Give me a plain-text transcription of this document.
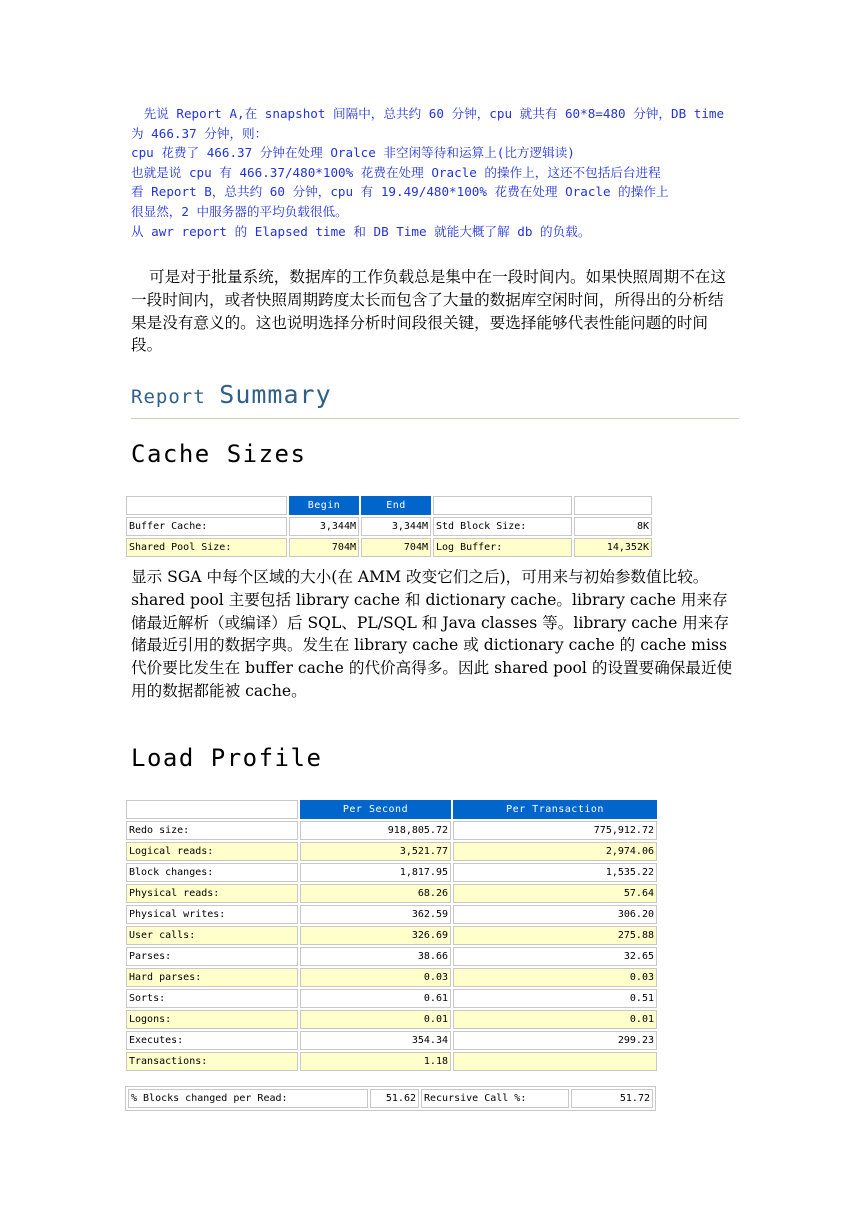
　先说 Report A,在 snapshot 间隔中，总共约 60 分钟，cpu 就共有 60*8=480 分钟，DB time
为 466.37 分钟，则：
cpu 花费了 466.37 分钟在处理 Oralce 非空闲等待和运算上(比方逻辑读)
也就是说 cpu 有 466.37/480*100% 花费在处理 Oracle 的操作上，这还不包括后台进程
看 Report B，总共约 60 分钟，cpu 有 19.49/480*100% 花费在处理 Oracle 的操作上
很显然，2 中服务器的平均负载很低。
从 awr report 的 Elapsed time 和 DB Time 就能大概了解 db 的负载。

可是对于批量系统，数据库的工作负载总是集中在一段时间内。如果快照周期不在这一段时间内，或者快照周期跨度太长而包含了大量的数据库空闲时间，所得出的分析结果是没有意义的。这也说明选择分析时间段很关键，要选择能够代表性能问题的时间段。

Report Summary
Cache Sizes
	Begin	End		
Buffer Cache:	3,344M	3,344M	Std Block Size:	8K
Shared Pool Size:	704M	704M	Log Buffer:	14,352K

显示 SGA 中每个区域的大小(在 AMM 改变它们之后)，可用来与初始参数值比较。shared pool 主要包括 library cache 和 dictionary cache。library cache 用来存储最近解析（或编译）后 SQL、PL/SQL 和 Java classes 等。library cache 用来存储最近引用的数据字典。发生在 library cache 或 dictionary cache 的 cache miss 代价要比发生在 buffer cache 的代价高得多。因此 shared pool 的设置要确保最近使用的数据都能被 cache。

Load Profile
	Per Second	Per Transaction
Redo size:	918,805.72	775,912.72
Logical reads:	3,521.77	2,974.06
Block changes:	1,817.95	1,535.22
Physical reads:	68.26	57.64
Physical writes:	362.59	306.20
User calls:	326.69	275.88
Parses:	38.66	32.65
Hard parses:	0.03	0.03
Sorts:	0.61	0.51
Logons:	0.01	0.01
Executes:	354.34	299.23
Transactions:	1.18	
% Blocks changed per Read:	51.62	Recursive Call %:	51.72
